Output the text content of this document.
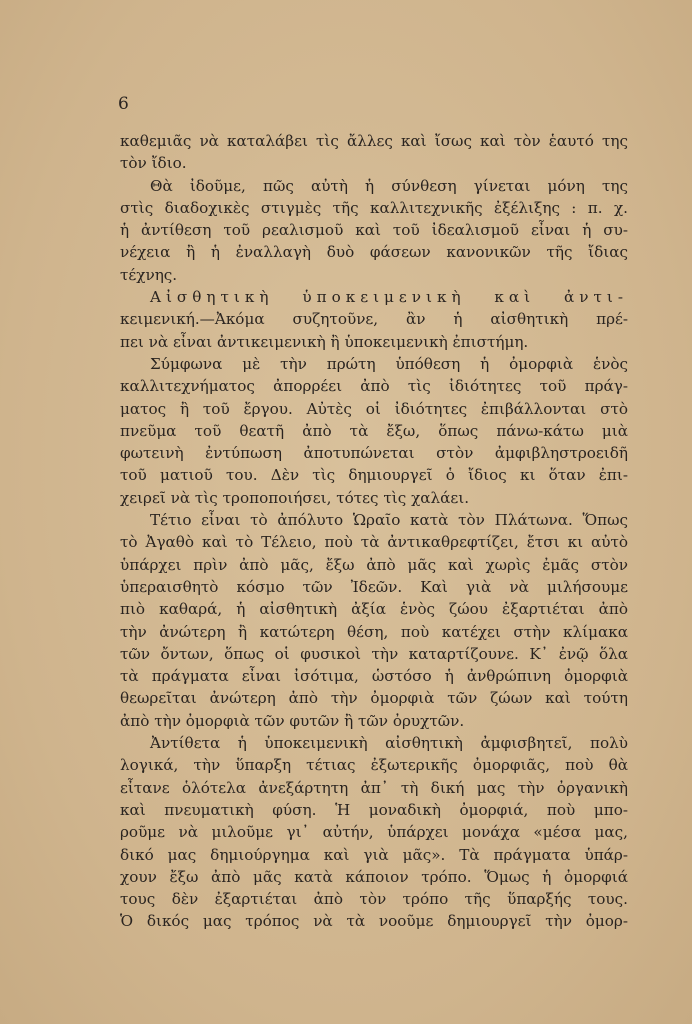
6
καθεμιᾶς νὰ καταλάβει τὶς ἄλλες καὶ ἴσως καὶ τὸν ἑαυτό της
τὸν ἴδιο.
Θὰ ἰδοῦμε, πῶς αὐτὴ ἡ σύνθεση γίνεται μόνη της
στὶς διαδοχικὲς στιγμὲς τῆς καλλιτεχνικῆς ἐξέλιξης : π. χ.
ἡ ἀντίθεση τοῦ ρεαλισμοῦ καὶ τοῦ ἰδεαλισμοῦ εἶναι ἡ συ-
νέχεια ἢ ἡ ἐναλλαγὴ δυὸ φάσεων κανονικῶν τῆς ἴδιας
τέχνης.
Αἰσθητικὴ ὑποκειμενικὴ καὶ ἀντι-
κειμενική.—Ἀκόμα συζητοῦνε, ἂν ἡ αἰσθητικὴ πρέ-
πει νὰ εἶναι ἀντικειμενικὴ ἢ ὑποκειμενικὴ ἐπιστήμη.
Σύμφωνα μὲ τὴν πρώτη ὑπόθεση ἡ ὀμορφιὰ ἑνὸς
καλλιτεχνήματος ἀπορρέει ἀπὸ τὶς ἰδιότητες τοῦ πράγ-
ματος ἢ τοῦ ἔργου. Αὐτὲς οἱ ἰδιότητες ἐπιβάλλονται στὸ
πνεῦμα τοῦ θεατῆ ἀπὸ τὰ ἔξω, ὅπως πάνω-κάτω μιὰ
φωτεινὴ ἐντύπωση ἀποτυπώνεται στὸν ἀμφιβληστροειδῆ
τοῦ ματιοῦ του. Δὲν τὶς δημιουργεῖ ὁ ἴδιος κι ὅταν ἐπι-
χειρεῖ νὰ τὶς τροποποιήσει, τότες τὶς χαλάει.
Τέτιο εἶναι τὸ ἀπόλυτο Ὡραῖο κατὰ τὸν Πλάτωνα. Ὅπως
τὸ Ἀγαθὸ καὶ τὸ Τέλειο, ποὺ τὰ ἀντικαθρεφτίζει, ἔτσι κι αὐτὸ
ὑπάρχει πρὶν ἀπὸ μᾶς, ἔξω ἀπὸ μᾶς καὶ χωρὶς ἐμᾶς στὸν
ὑπεραισθητὸ κόσμο τῶν Ἰδεῶν. Καὶ γιὰ νὰ μιλήσουμε
πιὸ καθαρά, ἡ αἰσθητικὴ ἀξία ἑνὸς ζώου ἐξαρτιέται ἀπὸ
τὴν ἀνώτερη ἢ κατώτερη θέση, ποὺ κατέχει στὴν κλίμακα
τῶν ὄντων, ὅπως οἱ φυσικοὶ τὴν καταρτίζουνε. Κ᾿ ἐνῷ ὅλα
τὰ πράγματα εἶναι ἰσότιμα, ὡστόσο ἡ ἀνθρώπινη ὀμορφιὰ
θεωρεῖται ἀνώτερη ἀπὸ τὴν ὀμορφιὰ τῶν ζώων καὶ τούτη
ἀπὸ τὴν ὀμορφιὰ τῶν φυτῶν ἢ τῶν ὀρυχτῶν.
Ἀντίθετα ἡ ὑποκειμενικὴ αἰσθητικὴ ἀμφισβητεῖ, πολὺ
λογικά, τὴν ὕπαρξη τέτιας ἐξωτερικῆς ὀμορφιᾶς, ποὺ θὰ
εἶτανε ὁλότελα ἀνεξάρτητη ἀπ᾿ τὴ δική μας τὴν ὀργανικὴ
καὶ πνευματικὴ φύση. Ἡ μοναδικὴ ὀμορφιά, ποὺ μπο-
ροῦμε νὰ μιλοῦμε γι᾿ αὐτήν, ὑπάρχει μονάχα «μέσα μας,
δικό μας δημιούργημα καὶ γιὰ μᾶς». Τὰ πράγματα ὑπάρ-
χουν ἔξω ἀπὸ μᾶς κατὰ κάποιον τρόπο. Ὅμως ἡ ὀμορφιά
τους δὲν ἐξαρτιέται ἀπὸ τὸν τρόπο τῆς ὕπαρξής τους.
Ὁ δικός μας τρόπος νὰ τὰ νοοῦμε δημιουργεῖ τὴν ὀμορ-
